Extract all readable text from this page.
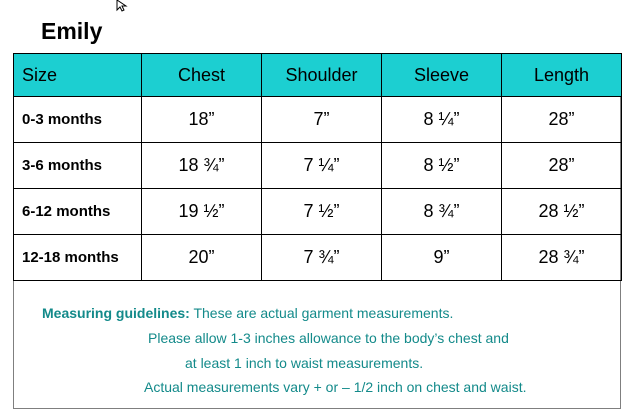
Emily
Size	Chest	Shoulder	Sleeve	Length
0-3 months	18”	7”	8 ¼”	28”
3-6 months	18 ¾”	7 ¼”	8 ½”	28”
6-12 months	19 ½”	7 ½”	8 ¾”	28 ½”
12-18 months	20”	7 ¾”	9”	28 ¾”
Measuring guidelines: These are actual garment measurements.
Please allow 1-3 inches allowance to the body’s chest and
at least 1 inch to waist measurements.
Actual measurements vary + or – 1/2 inch on chest and waist.
